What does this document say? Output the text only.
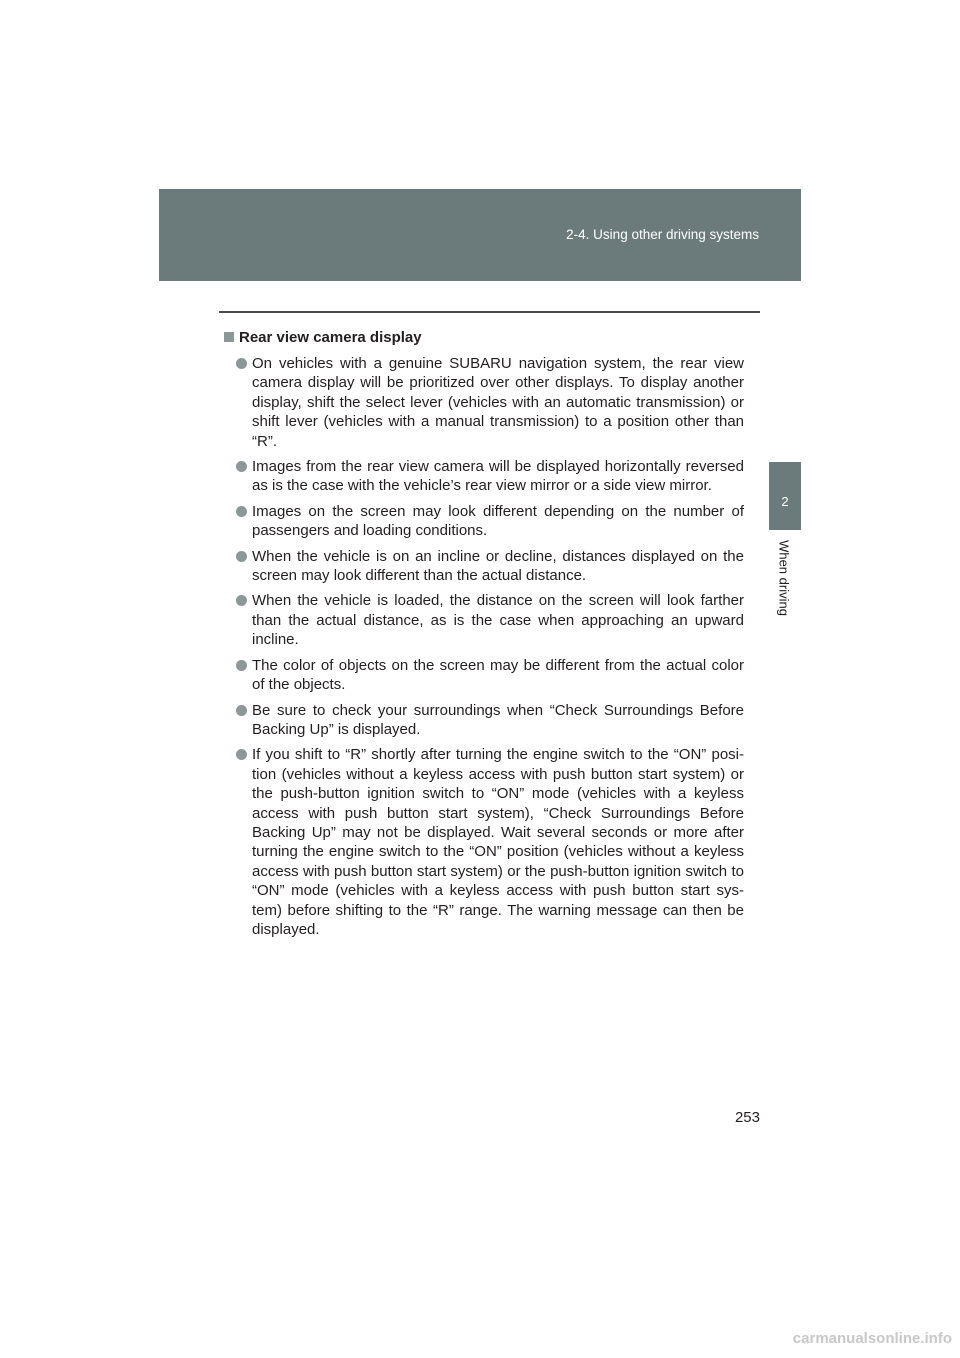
2-4. Using other driving systems
2
When driving
Rear view camera display
On vehicles with a genuine SUBARU navigation system, the rear view camera display will be prioritized over other displays. To display another display, shift the select lever (vehicles with an automatic transmission) or shift lever (vehicles with a manual transmission) to a position other than “R”.
Images from the rear view camera will be displayed horizontally reversed as is the case with the vehicle’s rear view mirror or a side view mirror.
Images on the screen may look different depending on the number of passengers and loading conditions.
When the vehicle is on an incline or decline, distances displayed on the screen may look different than the actual distance.
When the vehicle is loaded, the distance on the screen will look farther than the actual distance, as is the case when approaching an upward incline.
The color of objects on the screen may be different from the actual color of the objects.
Be sure to check your surroundings when “Check Surroundings Before Backing Up” is displayed.
If you shift to “R” shortly after turning the engine switch to the “ON” posi-tion (vehicles without a keyless access with push button start system) or the push-button ignition switch to “ON” mode (vehicles with a keyless access with push button start system), “Check Surroundings Before Backing Up” may not be displayed. Wait several seconds or more after turning the engine switch to the “ON” position (vehicles without a keyless access with push button start system) or the push-button ignition switch to “ON” mode (vehicles with a keyless access with push button start sys-tem) before shifting to the “R” range. The warning message can then be displayed.
253
carmanualsonline.info
